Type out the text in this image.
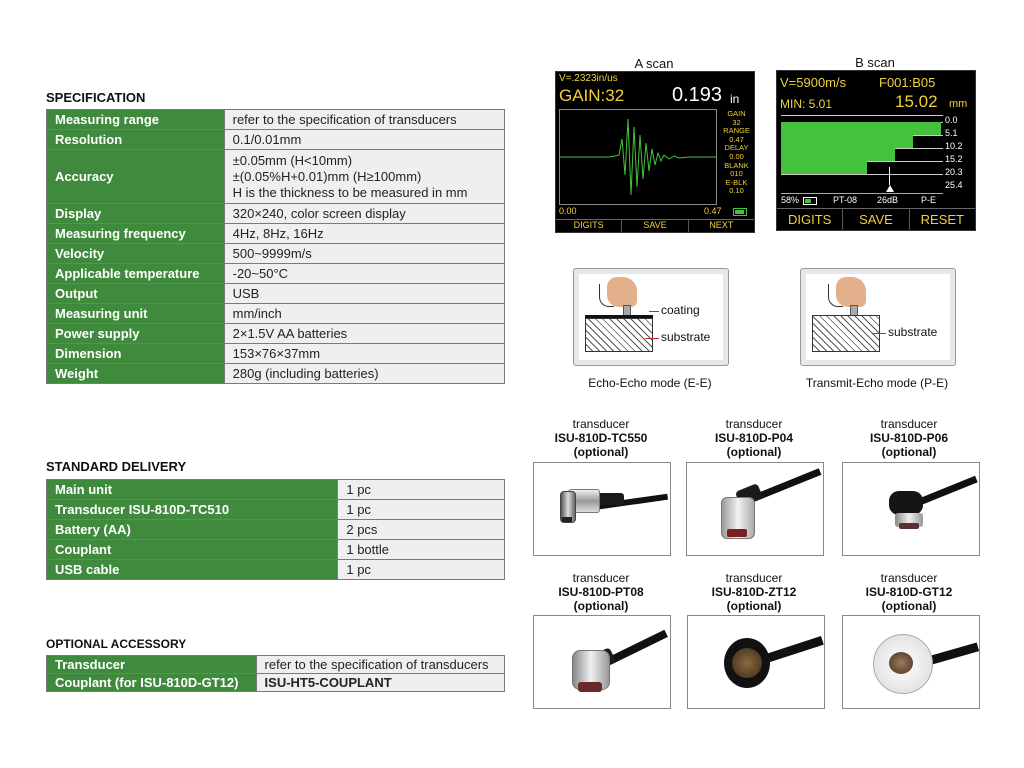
SPECIFICATION
Measuring range	refer to the specification of transducers
Resolution	0.1/0.01mm
Accuracy	±0.05mm (H<10mm)
±(0.05%H+0.01)mm (H≥100mm)
H is the thickness to be measured in mm

Display	320×240, color screen display
Measuring frequency	4Hz, 8Hz, 16Hz
Velocity	500~9999m/s
Applicable temperature	-20~50°C
Output	USB
Measuring unit	mm/inch
Power supply	2×1.5V AA batteries
Dimension	153×76×37mm
Weight	280g (including batteries)
STANDARD DELIVERY
Main unit	1 pc
Transducer ISU-810D-TC510	1 pc
Battery (AA)	2 pcs
Couplant	1 bottle
USB cable	1 pc
OPTIONAL ACCESSORY
Transducer	refer to the specification of transducers
Couplant (for ISU-810D-GT12)	ISU-HT5-COUPLANT
A scan
V=.2323in/us
GAIN:32 0.193 in
GAIN
32
RANGE
0.47
DELAY
0.00
BLANK
010
E-BLK
0.10
0.00	0.47
DIGITS	SAVE	NEXT
B scan
V=5900m/s	F001:B05
MIN: 5.01	15.02 mm
0.0
5.1
10.2
15.2
20.3
25.4
58%	PT-08 26dB	P-E
DIGITS	SAVE	RESET
coating
substrate
Echo-Echo mode (E-E)
substrate
Transmit-Echo mode (P-E)
transducer
ISU-810D-TC550
(optional)
transducer
ISU-810D-P04
(optional)
transducer
ISU-810D-P06
(optional)
transducer
ISU-810D-PT08
(optional)
transducer
ISU-810D-ZT12
(optional)
transducer
ISU-810D-GT12
(optional)
